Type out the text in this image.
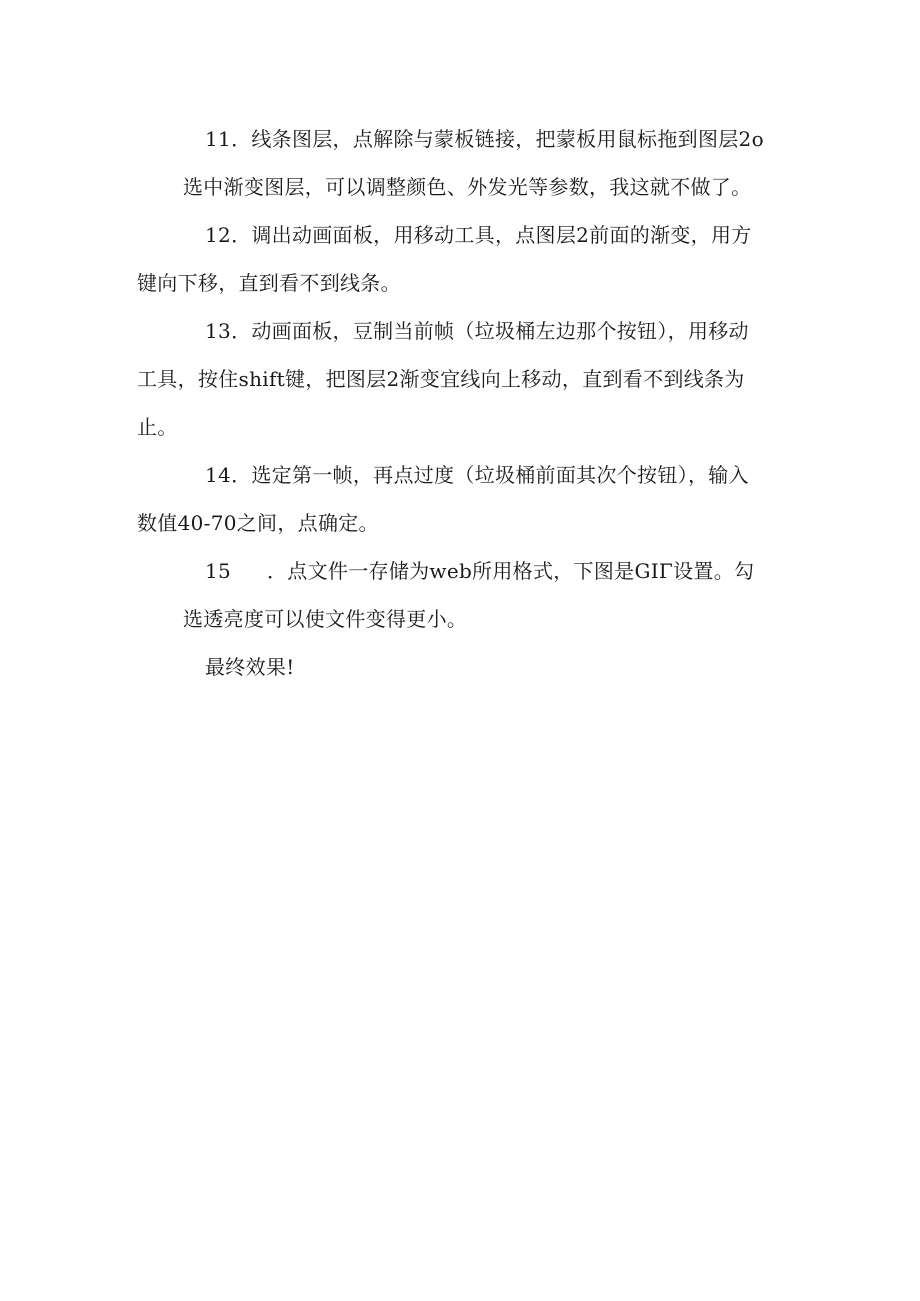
11．线条图层，点解除与蒙板链接，把蒙板用鼠标拖到图层2o
选中渐变图层，可以调整颜色、外发光等参数，我这就不做了。
12．调出动画面板，用移动工具，点图层2前面的渐变，用方
键向下移，直到看不到线条。
13．动画面板，豆制当前帧（垃圾桶左边那个按钮），用移动
工具，按住shift键，把图层2渐变宜线向上移动，直到看不到线条为
止。
14．选定第一帧，再点过度（垃圾桶前面其次个按钮），输入
数值40-70之间，点确定。
15 ．点文件一存储为web所用格式，下图是GIΓ设置。勾
选透亮度可以使文件变得更小。
最终效果!
